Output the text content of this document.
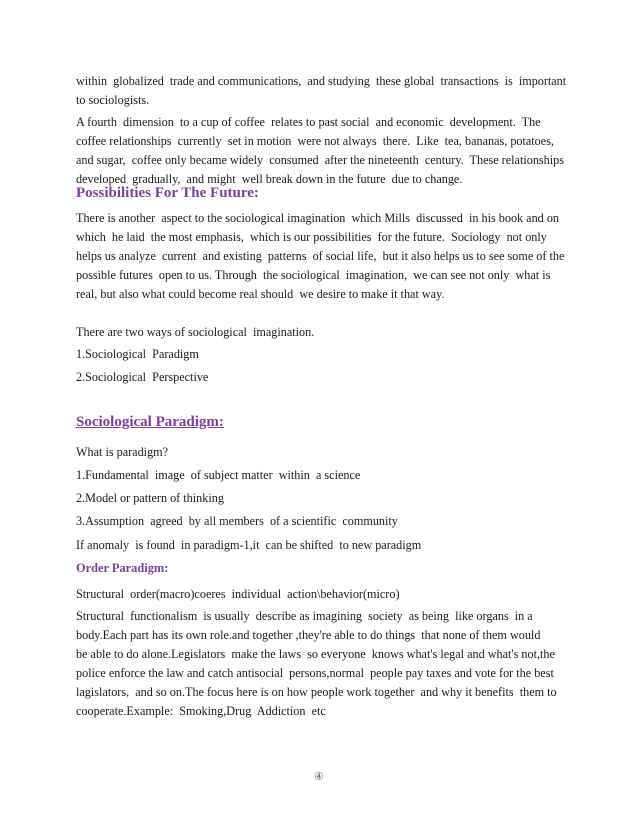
within  globalized  trade and communications,  and studying  these global  transactions  is  important
to sociologists.
A fourth  dimension  to a cup of coffee  relates to past social  and economic  development.  The
coffee relationships  currently  set in motion  were not always  there.  Like  tea, bananas, potatoes,
and sugar,  coffee only became widely  consumed  after the nineteenth  century.  These relationships
developed  gradually,  and might  well break down in the future  due to change.
Possibilities For The Future:
There is another  aspect to the sociological imagination  which Mills  discussed  in his book and on
which  he laid  the most emphasis,  which is our possibilities  for the future.  Sociology  not only
helps us analyze  current  and existing  patterns  of social life,  but it also helps us to see some of the
possible futures  open to us. Through  the sociological  imagination,  we can see not only  what is
real, but also what could become real should  we desire to make it that way.
There are two ways of sociological  imagination.
1.Sociological  Paradigm
2.Sociological  Perspective
Sociological Paradigm:
What is paradigm?
1.Fundamental  image  of subject matter  within  a science
2.Model or pattern of thinking
3.Assumption  agreed  by all members  of a scientific  community
If anomaly  is found  in paradigm-1,it  can be shifted  to new paradigm
Order Paradigm:
Structural  order(macro)coeres  individual  action\behavior(micro)
Structural  functionalism  is usually  describe as imagining  society  as being  like organs  in a
body.Each part has its own role.and together ,they're able to do things  that none of them would
be able to do alone.Legislators  make the laws  so everyone  knows what's legal and what's not,the
police enforce the law and catch antisocial  persons,normal  people pay taxes and vote for the best
lagislators,  and so on.The focus here is on how people work together  and why it benefits  them to
cooperate.Example:  Smoking,Drug  Addiction  etc
④
